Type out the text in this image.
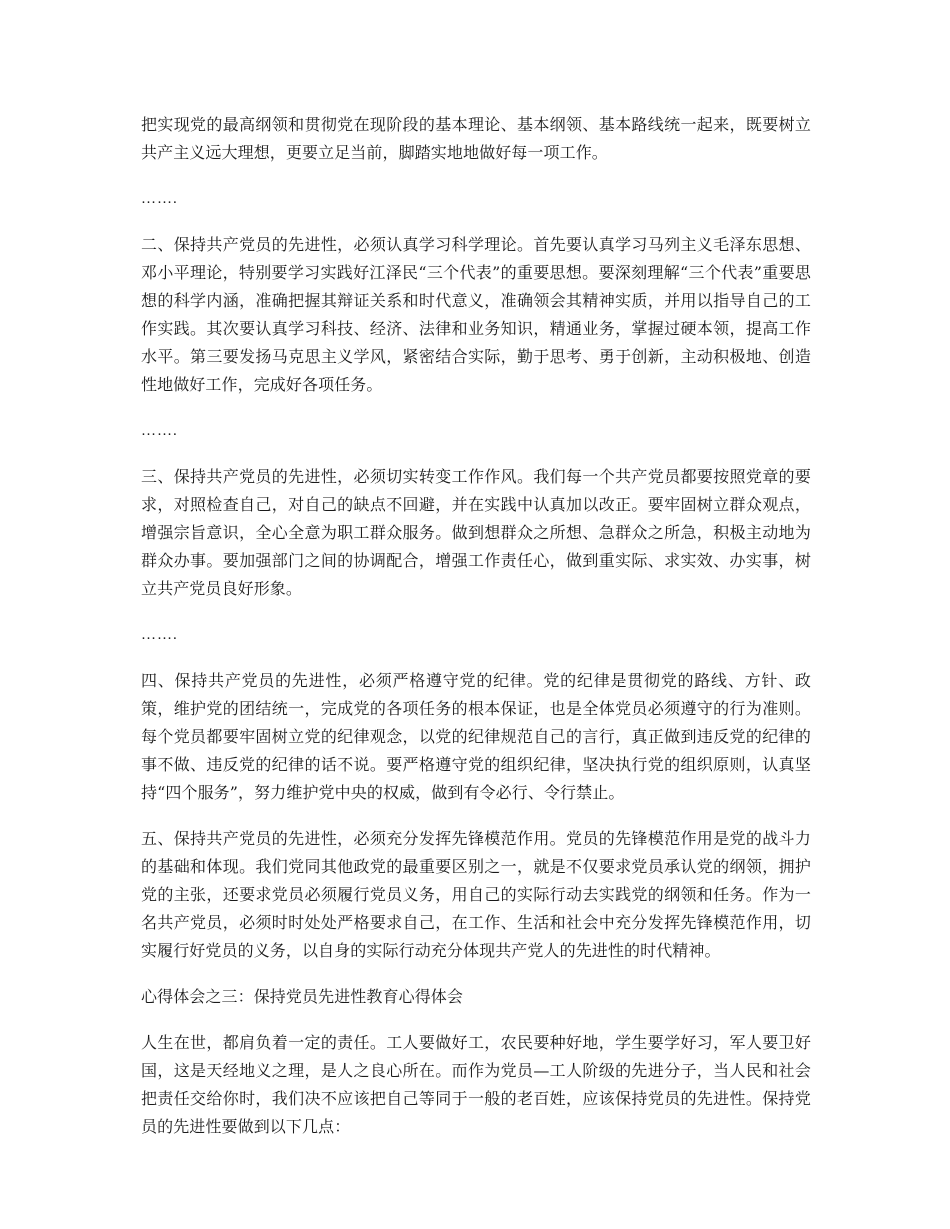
把实现党的最高纲领和贯彻党在现阶段的基本理论、基本纲领、基本路线统一起来，既要树立共产主义远大理想，更要立足当前，脚踏实地地做好每一项工作。

…….

二、保持共产党员的先进性，必须认真学习科学理论。首先要认真学习马列主义毛泽东思想、邓小平理论，特别要学习实践好江泽民“三个代表”的重要思想。要深刻理解“三个代表”重要思想的科学内涵，准确把握其辩证关系和时代意义，准确领会其精神实质，并用以指导自己的工作实践。其次要认真学习科技、经济、法律和业务知识，精通业务，掌握过硬本领，提高工作水平。第三要发扬马克思主义学风，紧密结合实际，勤于思考、勇于创新，主动积极地、创造性地做好工作，完成好各项任务。

…….

三、保持共产党员的先进性，必须切实转变工作作风。我们每一个共产党员都要按照党章的要求，对照检查自己，对自己的缺点不回避，并在实践中认真加以改正。要牢固树立群众观点，增强宗旨意识，全心全意为职工群众服务。做到想群众之所想、急群众之所急，积极主动地为群众办事。要加强部门之间的协调配合，增强工作责任心，做到重实际、求实效、办实事，树立共产党员良好形象。

…….

四、保持共产党员的先进性，必须严格遵守党的纪律。党的纪律是贯彻党的路线、方针、政策，维护党的团结统一，完成党的各项任务的根本保证，也是全体党员必须遵守的行为准则。每个党员都要牢固树立党的纪律观念，以党的纪律规范自己的言行，真正做到违反党的纪律的事不做、违反党的纪律的话不说。要严格遵守党的组织纪律，坚决执行党的组织原则，认真坚持“四个服务”，努力维护党中央的权威，做到有令必行、令行禁止。

五、保持共产党员的先进性，必须充分发挥先锋模范作用。党员的先锋模范作用是党的战斗力的基础和体现。我们党同其他政党的最重要区别之一，就是不仅要求党员承认党的纲领，拥护党的主张，还要求党员必须履行党员义务，用自己的实际行动去实践党的纲领和任务。作为一名共产党员，必须时时处处严格要求自己，在工作、生活和社会中充分发挥先锋模范作用，切实履行好党员的义务，以自身的实际行动充分体现共产党人的先进性的时代精神。

心得体会之三：保持党员先进性教育心得体会

人生在世，都肩负着一定的责任。工人要做好工，农民要种好地，学生要学好习，军人要卫好国，这是天经地义之理，是人之良心所在。而作为党员—工人阶级的先进分子，当人民和社会把责任交给你时，我们决不应该把自己等同于一般的老百姓，应该保持党员的先进性。保持党员的先进性要做到以下几点：
